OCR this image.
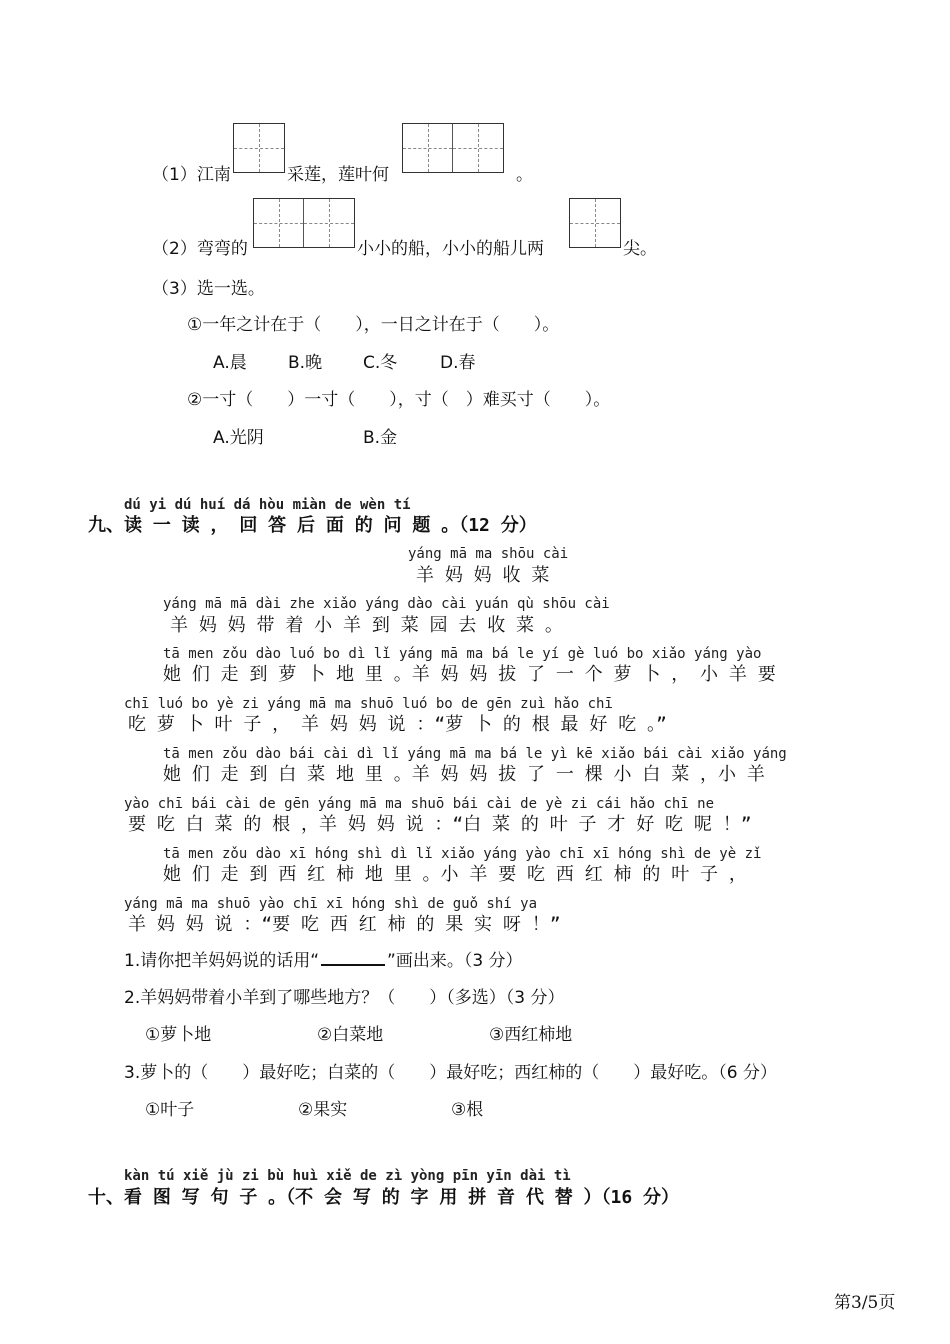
（1）江南	采莲，莲叶何	。
（2）弯弯的	小小的船，小小的船儿两	尖。
（3）选一选。
①一年之计在于（　　），一日之计在于（　　）。
A.晨 B.晚 C.冬	D.春
②一寸（　　）一寸（　　），寸（　）难买寸（　　）。
A.光阴	B.金
dú yi dú huí dá hòu miàn de wèn tí
九、 读 一 读 ， 回 答 后 面 的 问 题 。（12 分）
yáng mā ma shōu cài
羊 妈 妈 收 菜
yáng mā mā dài zhe xiǎo yáng dào cài yuán qù shōu cài
羊 妈 妈 带 着 小 羊 到 菜 园 去 收 菜 。
tā men zǒu dào luó bo dì lǐ yáng mā ma bá le yí gè luó bo xiǎo yáng yào
她 们 走 到 萝 卜 地 里 。羊 妈 妈 拔 了 一 个 萝 卜 ， 小 羊 要
chī luó bo yè zi yáng mā ma shuō luó bo de gēn zuì hǎo chī
吃 萝 卜 叶 子 ， 羊 妈 妈 说 ：“萝 卜 的 根 最 好 吃 。”
tā men zǒu dào bái cài dì lǐ yáng mā ma bá le yì kē xiǎo bái cài xiǎo yáng
她 们 走 到 白 菜 地 里 。羊 妈 妈 拔 了 一 棵 小 白 菜 ，小 羊
yào chī bái cài de gēn yáng mā ma shuō bái cài de yè zi cái hǎo chī ne
要 吃 白 菜 的 根 ，羊 妈 妈 说 ：“白 菜 的 叶 子 才 好 吃 呢 ！”
tā men zǒu dào xī hóng shì dì lǐ xiǎo yáng yào chī xī hóng shì de yè zǐ
她 们 走 到 西 红 柿 地 里 。小 羊 要 吃 西 红 柿 的 叶 子 ，
yáng mā ma shuō yào chī xī hóng shì de guǒ shí ya
羊 妈 妈 说 ：“要 吃 西 红 柿 的 果 实 呀 ！”
1.请你把羊妈妈说的话用“	”画出来。（3 分）
2.羊妈妈带着小羊到了哪些地方？（　　）（多选）（3 分）
①萝卜地	②白菜地	③西红柿地
3.萝卜的（　　）最好吃；白菜的（　　）最好吃；西红柿的（　　）最好吃。（6 分）
①叶子	②果实	③根
kàn tú xiě jù zi bù huì xiě de zì yòng pīn yīn dài tì
十、 看 图 写 句 子 。（不 会 写 的 字 用 拼 音 代 替 ）（16 分）
第3/5页
